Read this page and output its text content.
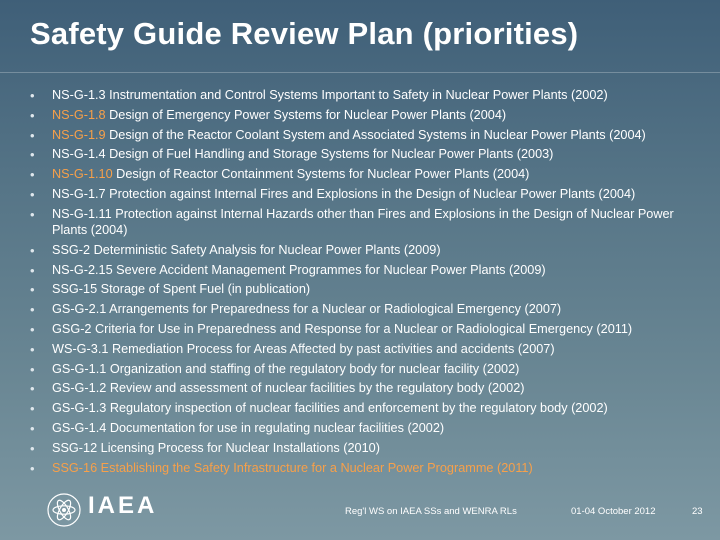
Safety Guide Review Plan (priorities)
•	NS-G-1.3 Instrumentation and Control Systems Important to Safety in Nuclear Power Plants (2002)
•	NS-G-1.8 Design of Emergency Power Systems for Nuclear Power Plants (2004)
•	NS-G-1.9 Design of the Reactor Coolant System and Associated Systems in Nuclear Power Plants (2004)
•	NS-G-1.4 Design of Fuel Handling and Storage Systems for Nuclear Power Plants (2003)
•	NS-G-1.10 Design of Reactor Containment Systems for Nuclear Power Plants (2004)
•	NS-G-1.7 Protection against Internal Fires and Explosions in the Design of Nuclear Power Plants (2004)
•	NS-G-1.11 Protection against Internal Hazards other than Fires and Explosions in the Design of Nuclear Power Plants (2004)
•	SSG-2 Deterministic Safety Analysis for Nuclear Power Plants (2009)
•	NS-G-2.15 Severe Accident Management Programmes for Nuclear Power Plants (2009)
•	SSG-15 Storage of Spent Fuel (in publication)
•	GS-G-2.1 Arrangements for Preparedness for a Nuclear or Radiological Emergency (2007)
•	GSG-2 Criteria for Use in Preparedness and Response for a Nuclear or Radiological Emergency (2011)
•	WS-G-3.1 Remediation Process for Areas Affected by past activities and accidents (2007)
•	GS-G-1.1 Organization and staffing of the regulatory body for nuclear facility (2002)
•	GS-G-1.2 Review and assessment of nuclear facilities by the regulatory body (2002)
•	GS-G-1.3 Regulatory inspection of nuclear facilities and enforcement by the regulatory body (2002)
•	GS-G-1.4 Documentation for use in regulating nuclear facilities (2002)
•	SSG-12 Licensing Process for Nuclear Installations (2010)
•	SSG-16 Establishing the Safety Infrastructure for a Nuclear Power Programme (2011)
IAEA	Reg'l WS on IAEA SSs and WENRA RLs	01-04 October 2012	23
